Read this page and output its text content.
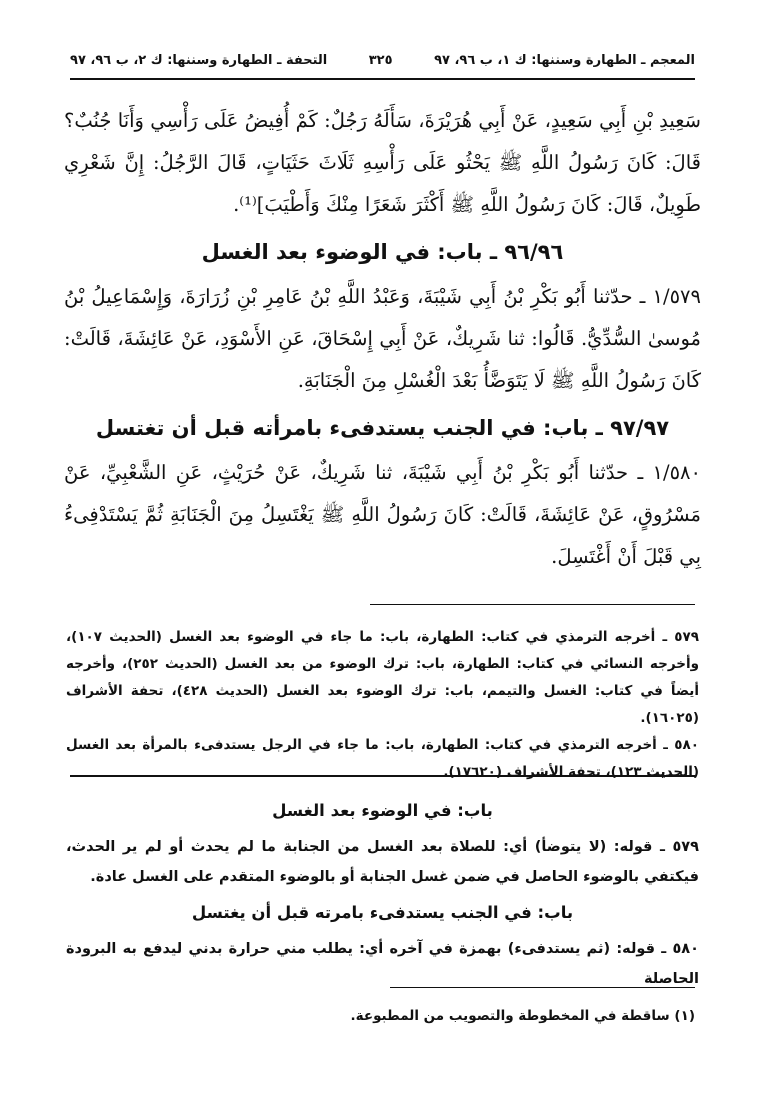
المعجم ـ الطهارة وسننها: ك ١، ب ٩٦، ٩٧
٣٢٥
التحفة ـ الطهارة وسننها: ك ٢، ب ٩٦، ٩٧

سَعِيدِ بْنِ أَبِي سَعِيدٍ، عَنْ أَبِي هُرَيْرَةَ، سَأَلَهُ رَجُلٌ: كَمْ أُفِيضُ عَلَى رَأْسِي وَأَنَا جُنُبٌ؟ قَالَ: كَانَ رَسُولُ اللَّهِ ﷺ يَحْثُو عَلَى رَأْسِهِ ثَلَاثَ حَثَيَاتٍ، قَالَ الرَّجُلُ: إِنَّ شَعْرِي طَوِيلٌ، قَالَ: كَانَ رَسُولُ اللَّهِ ﷺ أَكْثَرَ شَعَرًا مِنْكَ وَأَطْيَبَ]⁽¹⁾.

٩٦/٩٦ ـ باب: في الوضوء بعد الغسل

١/٥٧٩ ـ حدّثنا أَبُو بَكْرِ بْنُ أَبِي شَيْبَةَ، وَعَبْدُ اللَّهِ بْنُ عَامِرِ بْنِ زُرَارَةَ، وَإِسْمَاعِيلُ بْنُ مُوسىٰ السُّدِّيُّ. قَالُوا: ثنا شَرِيكٌ، عَنْ أَبِي إِسْحَاقَ، عَنِ الأَسْوَدِ، عَنْ عَائِشَةَ، قَالَتْ: كَانَ رَسُولُ اللَّهِ ﷺ لَا يَتَوَضَّأُ بَعْدَ الْغُسْلِ مِنَ الْجَنَابَةِ.

٩٧/٩٧ ـ باب: في الجنب يستدفىء بامرأته قبل أن تغتسل

١/٥٨٠ ـ حدّثنا أَبُو بَكْرِ بْنُ أَبِي شَيْبَةَ، ثنا شَرِيكٌ، عَنْ حُرَيْثٍ، عَنِ الشَّعْبِيِّ، عَنْ مَسْرُوقٍ، عَنْ عَائِشَةَ، قَالَتْ: كَانَ رَسُولُ اللَّهِ ﷺ يَغْتَسِلُ مِنَ الْجَنَابَةِ ثُمَّ يَسْتَدْفِىءُ بِي قَبْلَ أَنْ أَغْتَسِلَ.

٥٧٩ ـ أخرجه الترمذي في كتاب: الطهارة، باب: ما جاء في الوضوء بعد الغسل (الحديث ١٠٧)، وأخرجه النسائي في كتاب: الطهارة، باب: ترك الوضوء من بعد الغسل (الحديث ٢٥٢)، وأخرجه أيضاً في كتاب: الغسل والتيمم، باب: ترك الوضوء بعد الغسل (الحديث ٤٢٨)، تحفة الأشراف (١٦٠٢٥).

٥٨٠ ـ أخرجه الترمذي في كتاب: الطهارة، باب: ما جاء في الرجل يستدفىء بالمرأة بعد الغسل (الحديث ١٢٣)، تحفة الأشراف (١٧٦٢٠).

باب: في الوضوء بعد الغسل

٥٧٩ ـ قوله: (لا يتوضأ) أي: للصلاة بعد الغسل من الجنابة ما لم يحدث أو لم ير الحدث، فيكتفي بالوضوء الحاصل في ضمن غسل الجنابة أو بالوضوء المتقدم على الغسل عادة.

باب: في الجنب يستدفىء بامرته قبل أن يغتسل

٥٨٠ ـ قوله: (ثم يستدفىء) بهمزة في آخره أي: يطلب مني حرارة بدني ليدفع به البرودة الحاصلة

(١) ساقطة في المخطوطة والتصويب من المطبوعة.
